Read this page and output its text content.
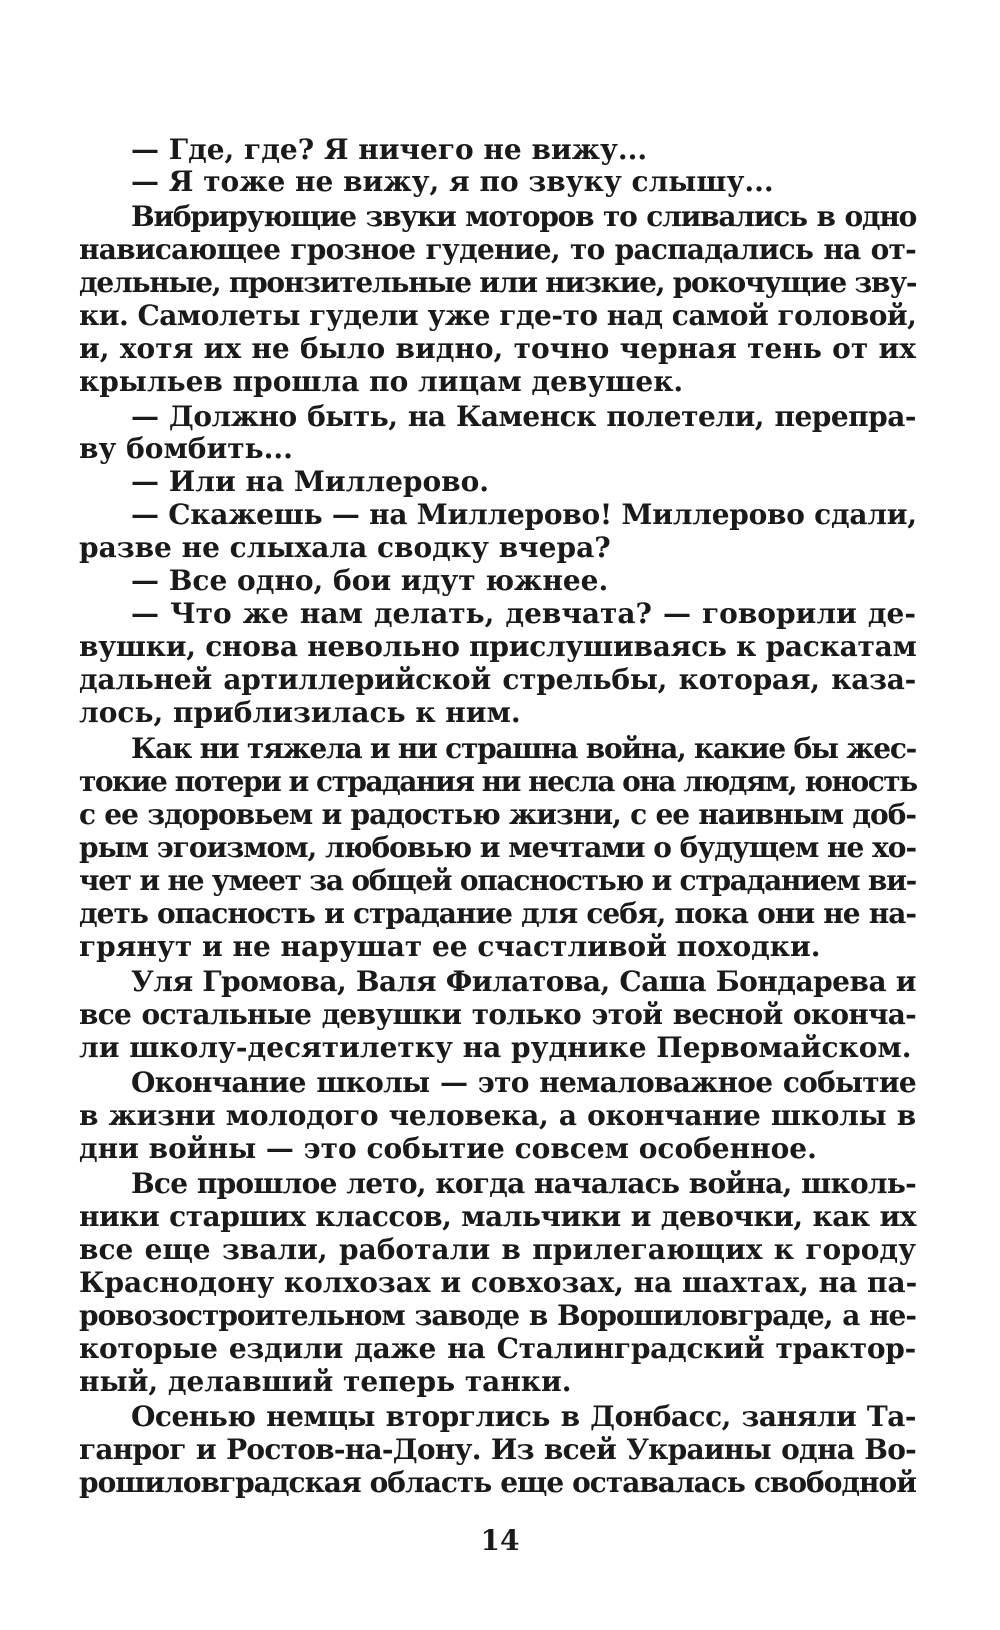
— Где, где? Я ничего не вижу...
— Я тоже не вижу, я по звуку слышу...
Вибрирующие звуки моторов то сливались в одно
нависающее грозное гудение, то распадались на от-
дельные, пронзительные или низкие, рокочущие зву-
ки. Самолеты гудели уже где-то над самой головой,
и, хотя их не было видно, точно черная тень от их
крыльев прошла по лицам девушек.
— Должно быть, на Каменск полетели, перепра-
ву бомбить...
— Или на Миллерово.
— Скажешь — на Миллерово! Миллерово сдали,
разве не слыхала сводку вчера?
— Все одно, бои идут южнее.
— Что же нам делать, девчата? — говорили де-
вушки, снова невольно прислушиваясь к раскатам
дальней артиллерийской стрельбы, которая, каза-
лось, приблизилась к ним.
Как ни тяжела и ни страшна война, какие бы жес-
токие потери и страдания ни несла она людям, юность
с ее здоровьем и радостью жизни, с ее наивным доб-
рым эгоизмом, любовью и мечтами о будущем не хо-
чет и не умеет за общей опасностью и страданием ви-
деть опасность и страдание для себя, пока они не на-
грянут и не нарушат ее счастливой походки.
Уля Громова, Валя Филатова, Саша Бондарева и
все остальные девушки только этой весной оконча-
ли школу-десятилетку на руднике Первомайском.
Окончание школы — это немаловажное событие
в жизни молодого человека, а окончание школы в
дни войны — это событие совсем особенное.
Все прошлое лето, когда началась война, школь-
ники старших классов, мальчики и девочки, как их
все еще звали, работали в прилегающих к городу
Краснодону колхозах и совхозах, на шахтах, на па-
ровозостроительном заводе в Ворошиловграде, а не-
которые ездили даже на Сталинградский трактор-
ный, делавший теперь танки.
Осенью немцы вторглись в Донбасс, заняли Та-
ганрог и Ростов-на-Дону. Из всей Украины одна Во-
рошиловградская область еще оставалась свободной
14
